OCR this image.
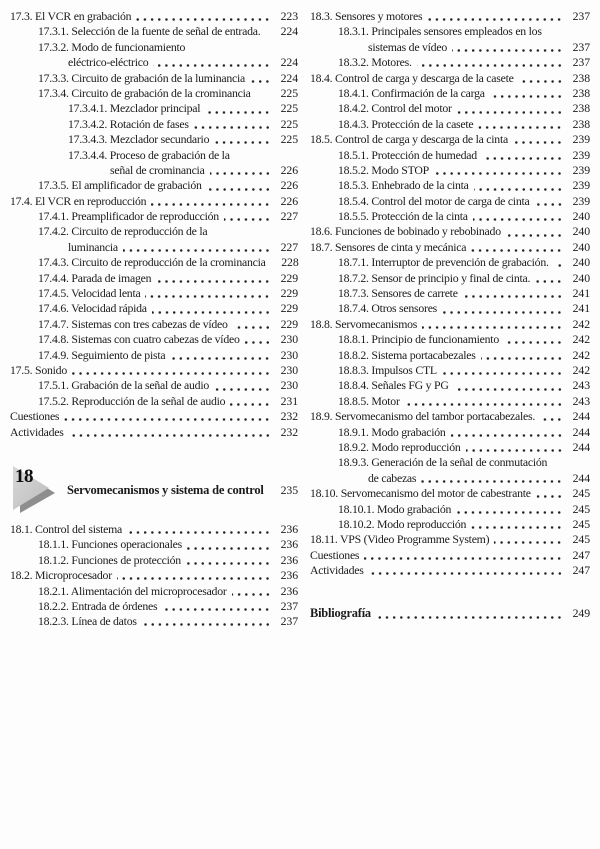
17.3. El VCR en grabación	223
17.3.1. Selección de la fuente de señal de entrada.	224
17.3.2. Modo de funcionamiento
eléctrico-eléctrico	224
17.3.3. Circuito de grabación de la luminancia	224
17.3.4. Circuito de grabación de la crominancia	225
17.3.4.1. Mezclador principal	225
17.3.4.2. Rotación de fases	225
17.3.4.3. Mezclador secundario	225
17.3.4.4. Proceso de grabación de la
señal de crominancia	226
17.3.5. El amplificador de grabación	226
17.4. El VCR en reproducción	226
17.4.1. Preamplificador de reproducción	227
17.4.2. Circuito de reproducción de la
luminancia	227
17.4.3. Circuito de reproducción de la crominancia	228
17.4.4. Parada de imagen	229
17.4.5. Velocidad lenta	229
17.4.6. Velocidad rápida	229
17.4.7. Sistemas con tres cabezas de vídeo	229
17.4.8. Sistemas con cuatro cabezas de vídeo	230
17.4.9. Seguimiento de pista	230
17.5. Sonido	230
17.5.1. Grabación de la señal de audio	230
17.5.2. Reproducción de la señal de audio	231
Cuestiones	232
Actividades	232
18
Servomecanismos y sistema de control	235
18.1. Control del sistema	236
18.1.1. Funciones operacionales	236
18.1.2. Funciones de protección	236
18.2. Microprocesador	236
18.2.1. Alimentación del microprocesador	236
18.2.2. Entrada de órdenes	237
18.2.3. Línea de datos	237
18.3. Sensores y motores	237
18.3.1. Principales sensores empleados en los
sistemas de vídeo	237
18.3.2. Motores.	237
18.4. Control de carga y descarga de la casete	238
18.4.1. Confirmación de la carga	238
18.4.2. Control del motor	238
18.4.3. Protección de la casete	238
18.5. Control de carga y descarga de la cinta	239
18.5.1. Protección de humedad	239
18.5.2. Modo STOP	239
18.5.3. Enhebrado de la cinta	239
18.5.4. Control del motor de carga de cinta	239
18.5.5. Protección de la cinta	240
18.6. Funciones de bobinado y rebobinado	240
18.7. Sensores de cinta y mecánica	240
18.7.1. Interruptor de prevención de grabación.	240
18.7.2. Sensor de principio y final de cinta.	240
18.7.3. Sensores de carrete	241
18.7.4. Otros sensores	241
18.8. Servomecanismos	242
18.8.1. Principio de funcionamiento	242
18.8.2. Sistema portacabezales	242
18.8.3. Impulsos CTL	242
18.8.4. Señales FG y PG	243
18.8.5. Motor	243
18.9. Servomecanismo del tambor portacabezales.	244
18.9.1. Modo grabación	244
18.9.2. Modo reproducción	244
18.9.3. Generación de la señal de conmutación
de cabezas	244
18.10. Servomecanismo del motor de cabestrante	245
18.10.1. Modo grabación	245
18.10.2. Modo reproducción	245
18.11. VPS (Video Programme System)	245
Cuestiones	247
Actividades	247
Bibliografía	249
